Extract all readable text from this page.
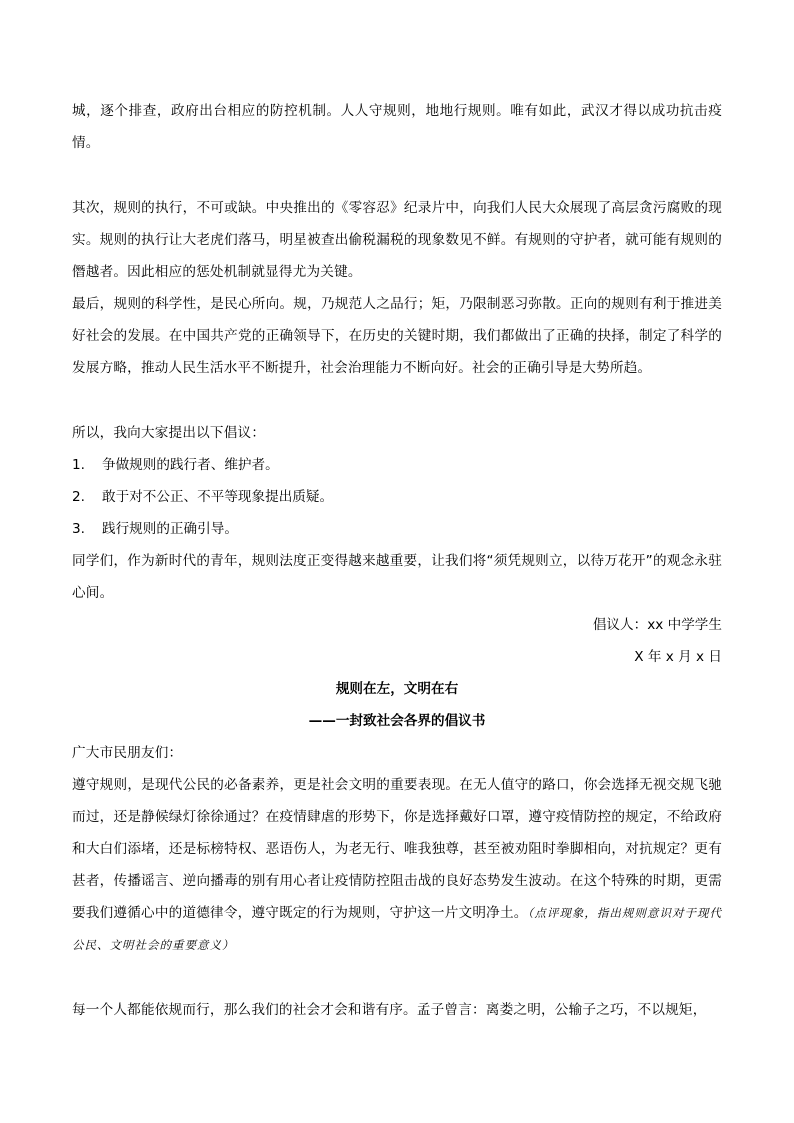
城，逐个排查，政府出台相应的防控机制。人人守规则，地地行规则。唯有如此，武汉才得以成功抗击疫情。

其次，规则的执行，不可或缺。中央推出的《零容忍》纪录片中，向我们人民大众展现了高层贪污腐败的现实。规则的执行让大老虎们落马，明星被查出偷税漏税的现象数见不鲜。有规则的守护者，就可能有规则的僭越者。因此相应的惩处机制就显得尤为关键。

最后，规则的科学性，是民心所向。规，乃规范人之品行；矩，乃限制恶习弥散。正向的规则有利于推进美好社会的发展。在中国共产党的正确领导下，在历史的关键时期，我们都做出了正确的抉择，制定了科学的发展方略，推动人民生活水平不断提升，社会治理能力不断向好。社会的正确引导是大势所趋。

所以，我向大家提出以下倡议：

1.	争做规则的践行者、维护者。
2.	敢于对不公正、不平等现象提出质疑。
3.	践行规则的正确引导。

同学们，作为新时代的青年，规则法度正变得越来越重要，让我们将“须凭规则立，以待万花开”的观念永驻心间。

倡议人：xx 中学学生

X 年 x 月 x 日

规则在左，文明在右

——一封致社会各界的倡议书

广大市民朋友们：

遵守规则，是现代公民的必备素养，更是社会文明的重要表现。在无人值守的路口，你会选择无视交规飞驰而过，还是静候绿灯徐徐通过？在疫情肆虐的形势下，你是选择戴好口罩，遵守疫情防控的规定，不给政府和大白们添堵，还是标榜特权、恶语伤人，为老无行、唯我独尊，甚至被劝阻时拳脚相向，对抗规定？更有甚者，传播谣言、逆向播毒的别有用心者让疫情防控阻击战的良好态势发生波动。在这个特殊的时期，更需要我们遵循心中的道德律令，遵守既定的行为规则，守护这一片文明净土。（点评现象，指出规则意识对于现代公民、文明社会的重要意义）

每一个人都能依规而行，那么我们的社会才会和谐有序。孟子曾言：离娄之明，公输子之巧，不以规矩，
